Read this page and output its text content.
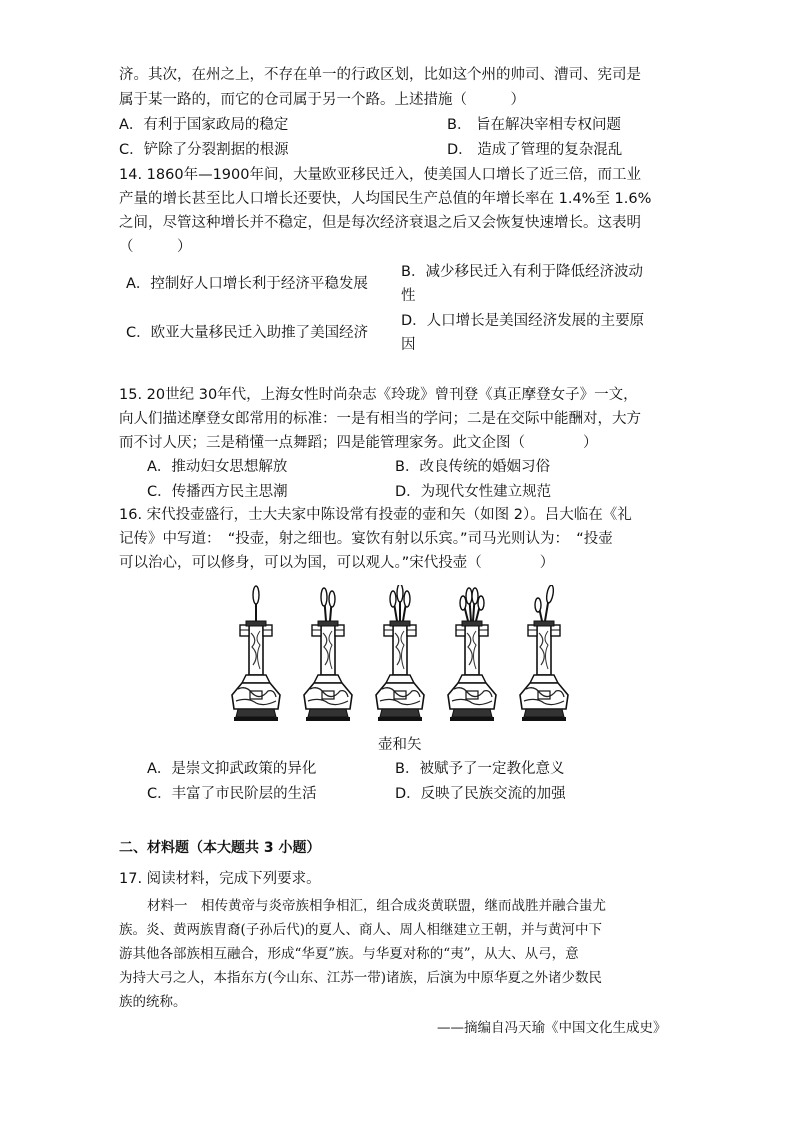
济。其次，在州之上，不存在单一的行政区划，比如这个州的帅司、漕司、宪司是
属于某一路的，而它的仓司属于另一个路。上述措施（　　　）
A．有利于国家政局的稳定	B． 旨在解决宰相专权问题
C．铲除了分裂割据的根源	D． 造成了管理的复杂混乱
14. 1860年—1900年间，大量欧亚移民迁入，使美国人口增长了近三倍，而工业
产量的增长甚至比人口增长还要快，人均国民生产总值的年增长率在 1.4%至 1.6%
之间，尽管这种增长并不稳定，但是每次经济衰退之后又会恢复快速增长。这表明
（　　　）
A．控制好人口增长利于经济平稳发展
B．减少移民迁入有利于降低经济波动
性
C．欧亚大量移民迁入助推了美国经济
D．人口增长是美国经济发展的主要原
因
15. 20世纪 30年代，上海女性时尚杂志《玲珑》曾刊登《真正摩登女子》一文，
向人们描述摩登女郎常用的标准：一是有相当的学问；二是在交际中能酬对，大方
而不讨人厌；三是稍懂一点舞蹈；四是能管理家务。此文企图（　　　　）
A．推动妇女思想解放	B．改良传统的婚姻习俗
C．传播西方民主思潮	D．为现代女性建立规范
16. 宋代投壶盛行，士大夫家中陈设常有投壶的壶和矢（如图 2）。吕大临在《礼
记传》中写道：　“投壶，射之细也。宴饮有射以乐宾。”司马光则认为：　“投壶
可以治心，可以修身，可以为国，可以观人。”宋代投壶（　　　　）
壶和矢
A．是崇文抑武政策的异化	B．被赋予了一定教化意义
C．丰富了市民阶层的生活	D．反映了民族交流的加强
二、材料题（本大题共 3 小题）
17. 阅读材料，完成下列要求。
材料一　相传黄帝与炎帝族相争相汇，组合成炎黄联盟，继而战胜并融合蚩尤
族。炎、黄两族胄裔(子孙后代)的夏人、商人、周人相继建立王朝，并与黄河中下
游其他各部族相互融合，形成“华夏”族。与华夏对称的“夷”，从大、从弓，意
为持大弓之人，本指东方(今山东、江苏一带)诸族，后演为中原华夏之外诸少数民
族的统称。
——摘编自冯天瑜《中国文化生成史》
